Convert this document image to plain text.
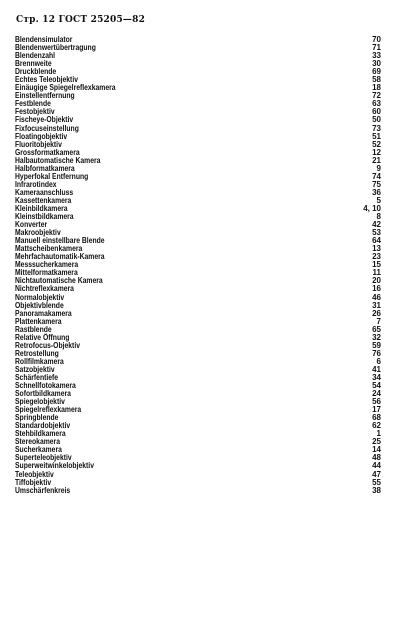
Стр. 12 ГОСТ 25205—82
Blendensimulator	70
Blendenwertübertragung	71
Blendenzahl	33
Brennweite	30
Druckblende	69
Echtes Teleobjektiv	58
Einäugige Spiegelreflexkamera	18
Einstellentfernung	72
Festblende	63
Festobjektiv	60
Fischeye-Objektiv	50
Fixfocuseinstellung	73
Floatingobjektiv	51
Fluoritobjektiv	52
Grossformatkamera	12
Halbautomatische Kamera	21
Halbformatkamera	9
Hyperfokal Entfernung	74
Infrarotindex	75
Kameraanschluss	36
Kassettenkamera	5
Kleinbildkamera	4, 10
Kleinstbildkamera	8
Konverter	42
Makroobjektiv	53
Manuell einstellbare Blende	64
Mattscheibenkamera	13
Mehrfachautomatik-Kamera	23
Messsucherkamera	15
Mittelformatkamera	11
Nichtautomatische Kamera	20
Nichtreflexkamera	16
Normalobjektiv	46
Objektivblende	31
Panoramakamera	26
Plattenkamera	7
Rastblende	65
Relative Öffnung	32
Retrofocus-Objektiv	59
Retrostellung	76
Rollfilmkamera	6
Satzobjektiv	41
Schärfentiefe	34
Schnellfotokamera	54
Sofortbildkamera	24
Spiegelobjektiv	56
Spiegelreflexkamera	17
Springblende	68
Standardobjektiv	62
Stehbildkamera	1
Stereokamera	25
Sucherkamera	14
Superteleobjektiv	48
Superweitwinkelobjektiv	44
Teleobjektiv	47
Tiffobjektiv	55
Umschärfenkreis	38
